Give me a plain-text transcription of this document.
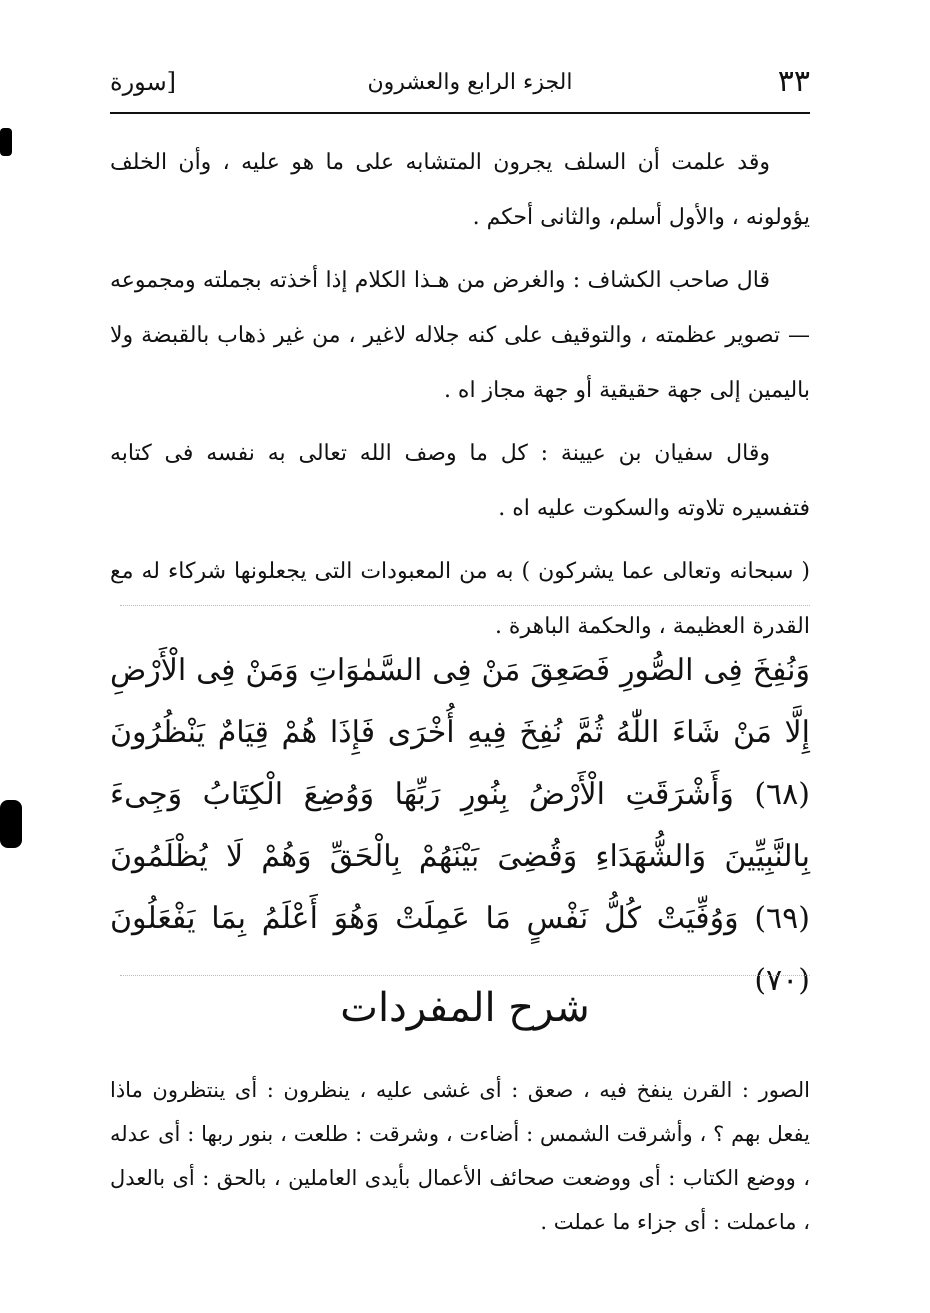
٣٣
الجزء الرابع والعشرون
[سورة

وقد علمت أن السلف يجرون المتشابه على ما هو عليه ، وأن الخلف يؤولونه ، والأول أسلم، والثانى أحكم .

قال صاحب الكشاف : والغرض من هـذا الكلام إذا أخذته بجملته ومجموعه — تصوير عظمته ، والتوقيف على كنه جلاله لاغير ، من غير ذهاب بالقبضة ولا باليمين إلى جهة حقيقية أو جهة مجاز اه .

وقال سفيان بن عيينة : كل ما وصف الله تعالى به نفسه فى كتابه فتفسيره تلاوته والسكوت عليه اه .

( سبحانه وتعالى عما يشركون ) به من المعبودات التى يجعلونها شركاء له مع القدرة العظيمة ، والحكمة الباهرة .

وَنُفِخَ فِى الصُّورِ فَصَعِقَ مَنْ فِى السَّمٰوَاتِ وَمَنْ فِى الْأَرْضِ إِلَّا مَنْ شَاءَ اللّٰهُ ثُمَّ نُفِخَ فِيهِ أُخْرَى فَإِذَا هُمْ قِيَامٌ يَنْظُرُونَ (٦٨) وَأَشْرَقَتِ الْأَرْضُ بِنُورِ رَبِّهَا وَوُضِعَ الْكِتَابُ وَجِىءَ بِالنَّبِيِّينَ وَالشُّهَدَاءِ وَقُضِىَ بَيْنَهُمْ بِالْحَقِّ وَهُمْ لَا يُظْلَمُونَ (٦٩) وَوُفِّيَتْ كُلُّ نَفْسٍ مَا عَمِلَتْ وَهُوَ أَعْلَمُ بِمَا يَفْعَلُونَ (٧٠)
شرح المفردات
الصور : القرن ينفخ فيه ، صعق : أى غشى عليه ، ينظرون : أى ينتظرون ماذا يفعل بهم ؟ ، وأشرقت الشمس : أضاءت ، وشرقت : طلعت ، بنور ربها : أى عدله ، ووضع الكتاب : أى ووضعت صحائف الأعمال بأيدى العاملين ، بالحق : أى بالعدل ، ماعملت : أى جزاء ما عملت .
